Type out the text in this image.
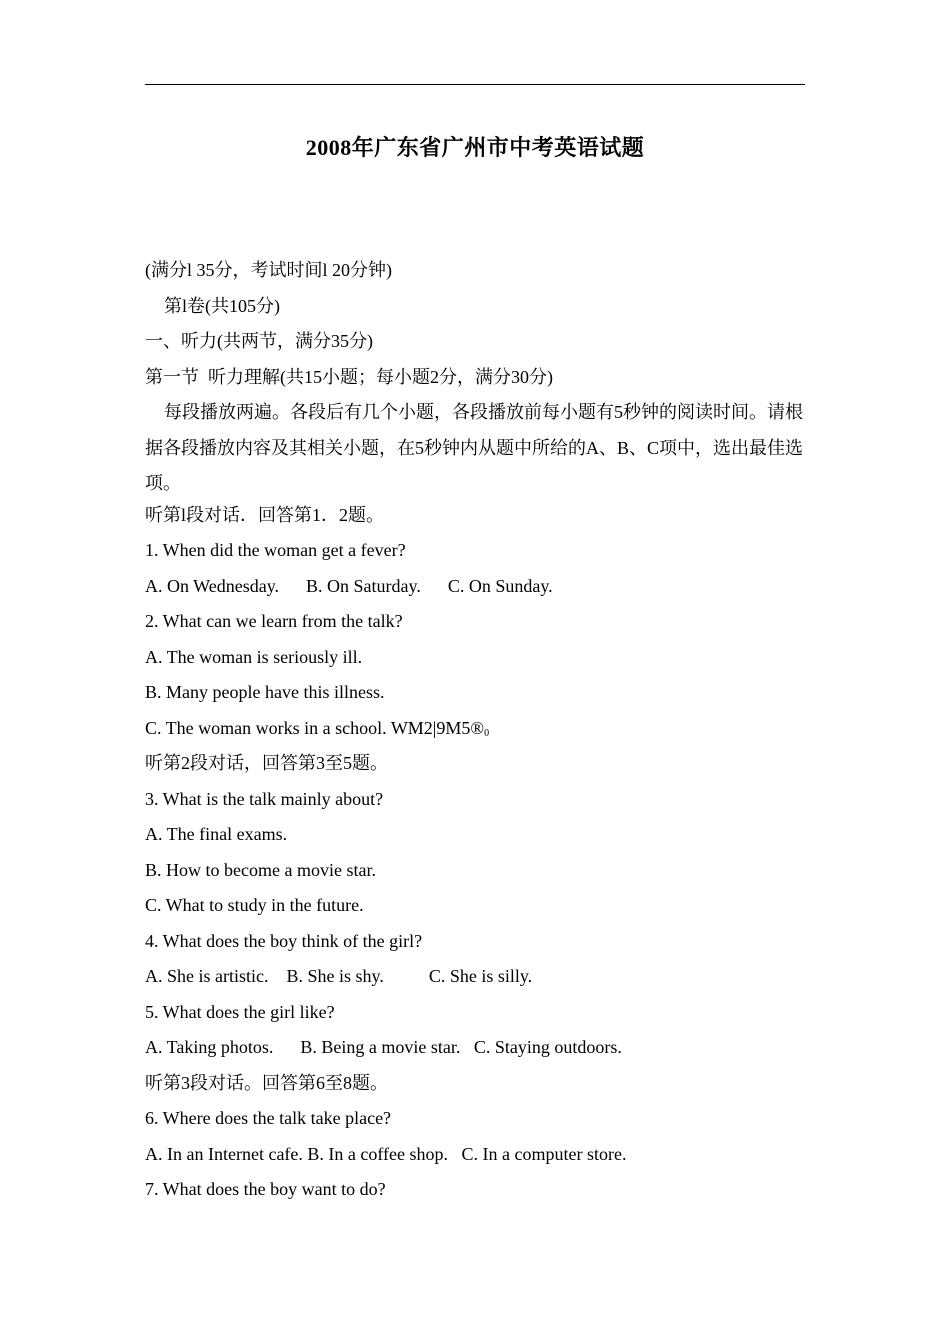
2008年广东省广州市中考英语试题
(满分l 35分，考试时间l 20分钟)
第l卷(共105分)
一、听力(共两节，满分35分)
第一节  听力理解(共15小题；每小题2分，满分30分)
每段播放两遍。各段后有几个小题，各段播放前每小题有5秒钟的阅读时间。请根据各段播放内容及其相关小题，在5秒钟内从题中所给的A、B、C项中，选出最佳选项。
听第l段对话．回答第1．2题。
1. When did the woman get a fever?
A. On Wednesday.      B. On Saturday.      C. On Sunday.
2. What can we learn from the talk?
A. The woman is seriously ill.
B. Many people have this illness.
C. The woman works in a school. $WM2|9M5®_0$
听第2段对话，回答第3至5题。
3. What is the talk mainly about?
A. The final exams.
B. How to become a movie star.
C. What to study in the future.
4. What does the boy think of the girl?
A. She is artistic.    B. She is shy.          C. She is silly.
5. What does the girl like?
A. Taking photos.      B. Being a movie star.   C. Staying outdoors.
听第3段对话。回答第6至8题。
6. Where does the talk take place?
A. In an Internet cafe. B. In a coffee shop.   C. In a computer store.
7. What does the boy want to do?
